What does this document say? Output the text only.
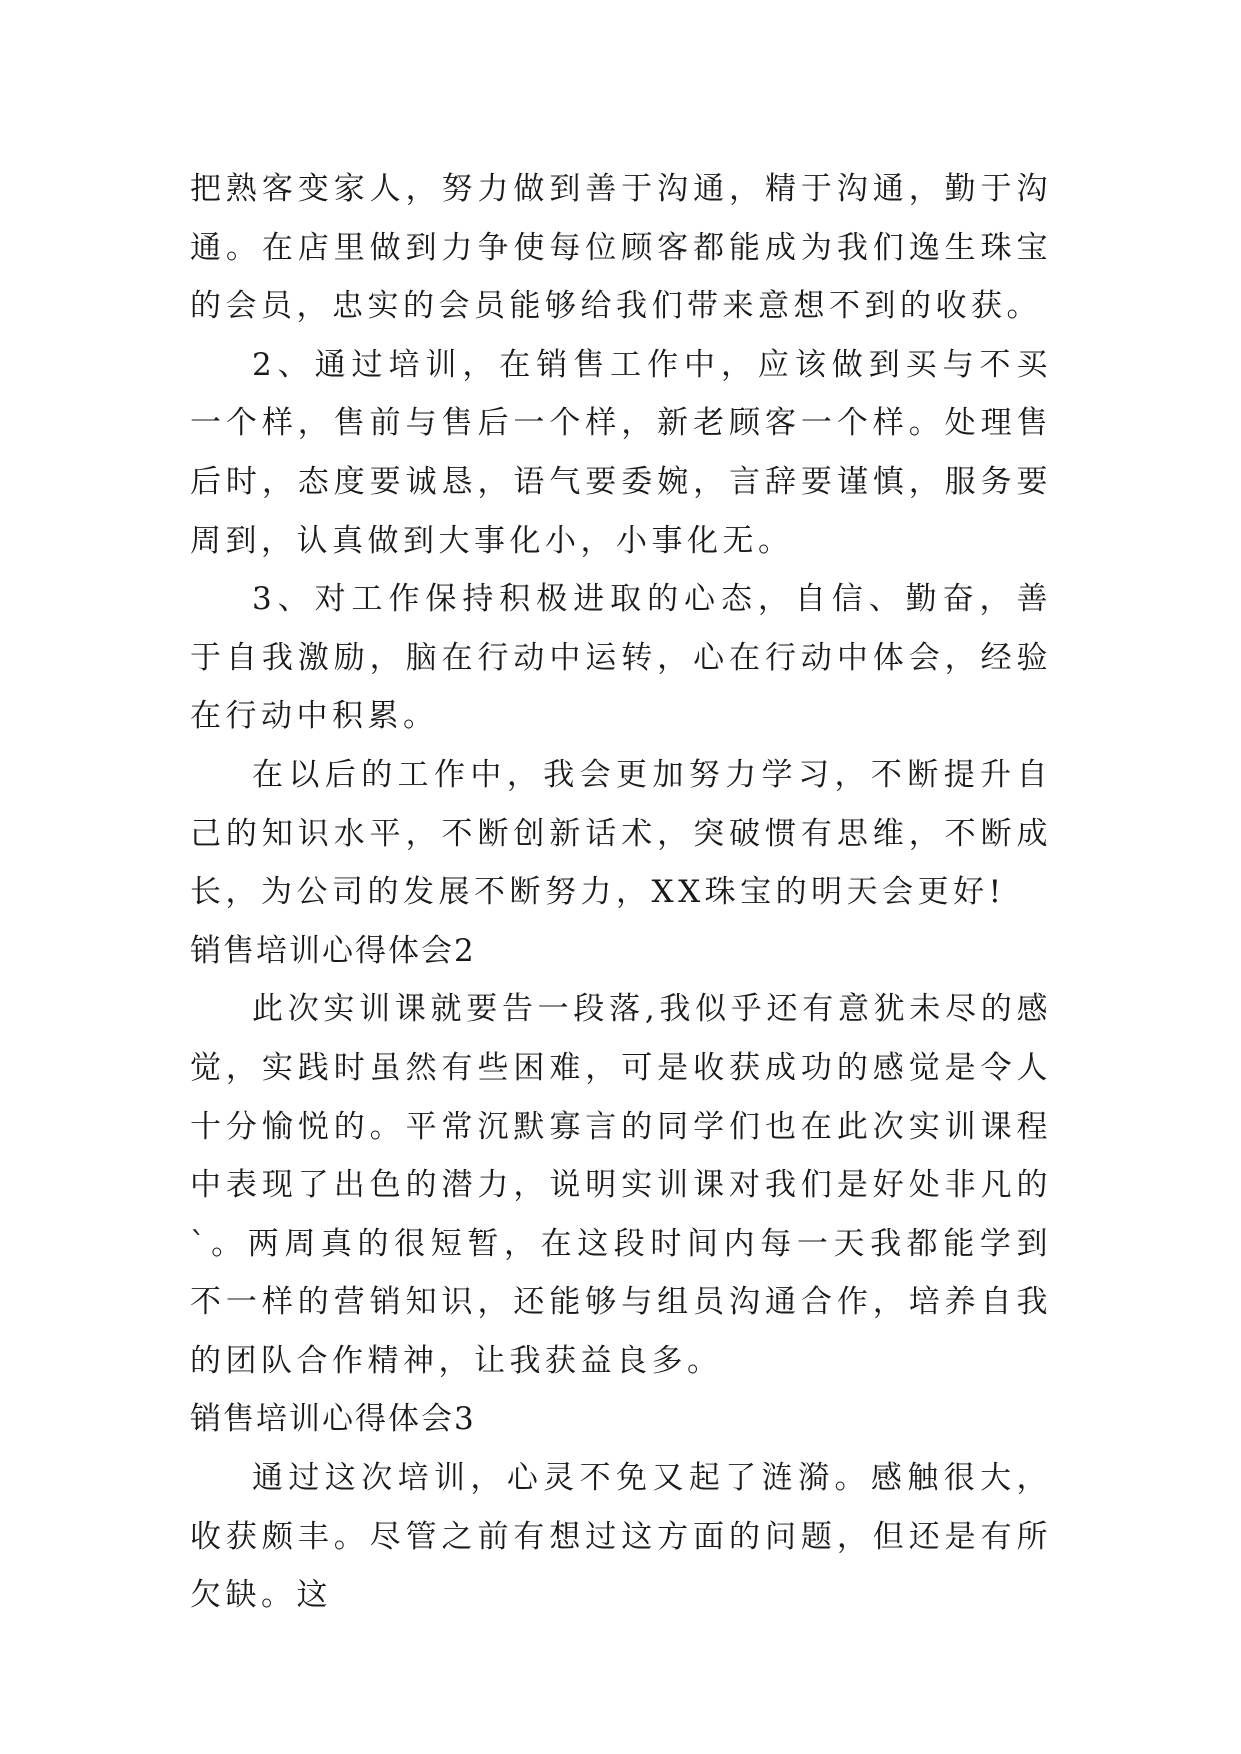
把熟客变家人，努力做到善于沟通，精于沟通，勤于沟通。在店里做到力争使每位顾客都能成为我们逸生珠宝的会员，忠实的会员能够给我们带来意想不到的收获。

2、通过培训，在销售工作中，应该做到买与不买一个样，售前与售后一个样，新老顾客一个样。处理售后时，态度要诚恳，语气要委婉，言辞要谨慎，服务要周到，认真做到大事化小，小事化无。

3、对工作保持积极进取的心态，自信、勤奋，善于自我激励，脑在行动中运转，心在行动中体会，经验在行动中积累。

在以后的工作中，我会更加努力学习，不断提升自己的知识水平，不断创新话术，突破惯有思维，不断成长，为公司的发展不断努力，XX珠宝的明天会更好!

销售培训心得体会2

此次实训课就要告一段落,我似乎还有意犹未尽的感觉，实践时虽然有些困难，可是收获成功的感觉是令人十分愉悦的。平常沉默寡言的同学们也在此次实训课程中表现了出色的潜力，说明实训课对我们是好处非凡的`。两周真的很短暂，在这段时间内每一天我都能学到不一样的营销知识，还能够与组员沟通合作，培养自我的团队合作精神，让我获益良多。

销售培训心得体会3

通过这次培训，心灵不免又起了涟漪。感触很大，收获颇丰。尽管之前有想过这方面的问题，但还是有所欠缺。这
